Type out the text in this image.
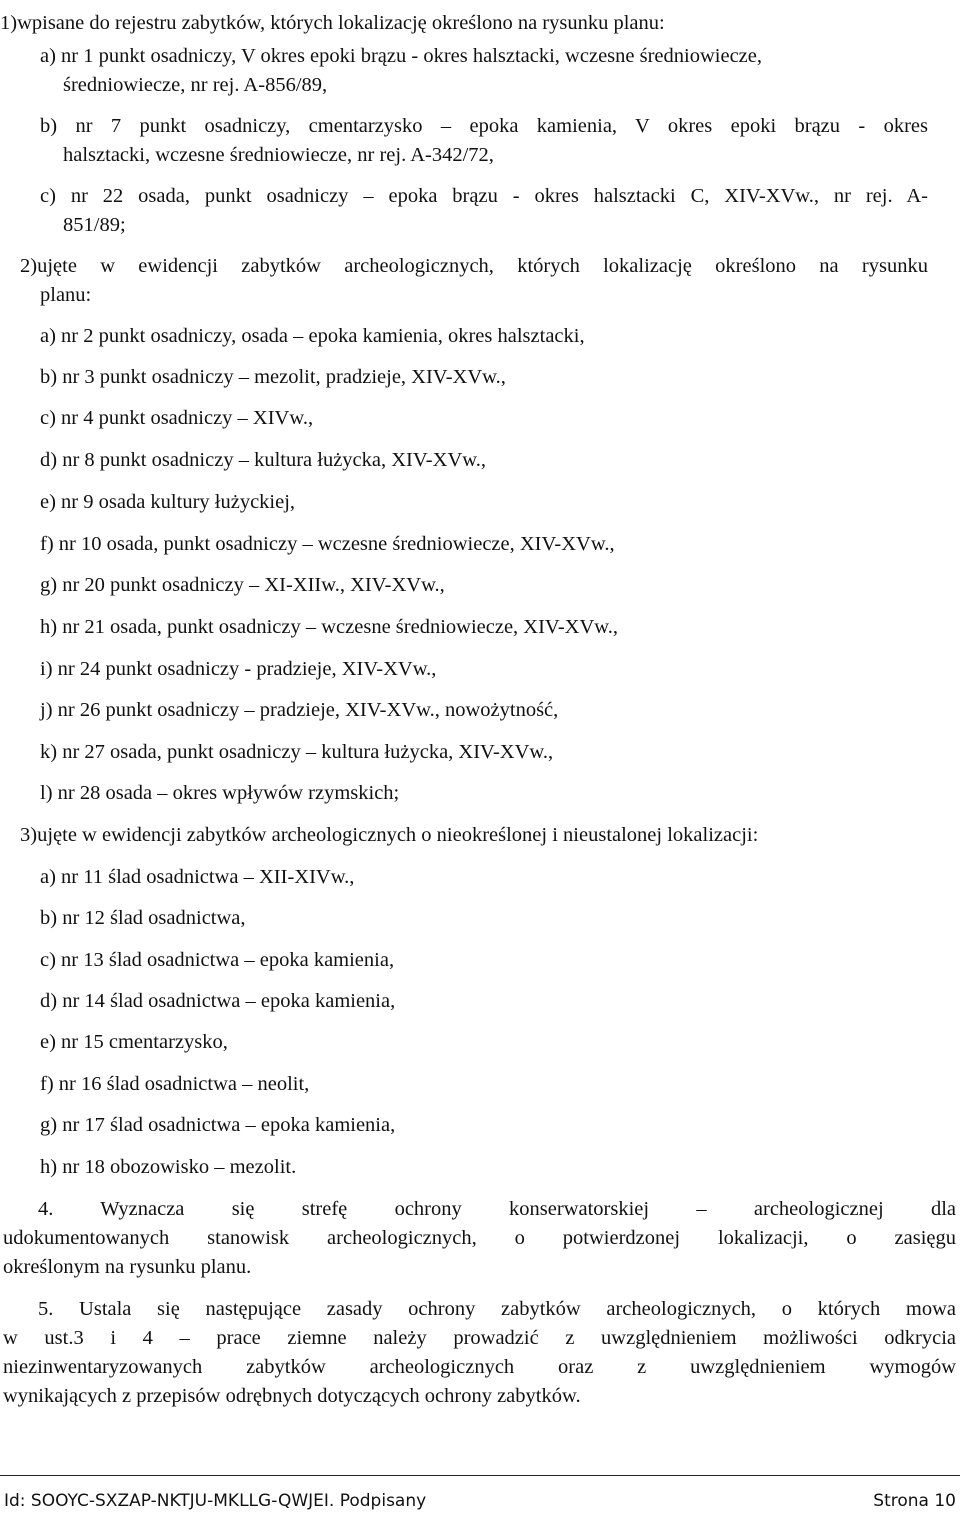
1)wpisane do rejestru zabytków, których lokalizację określono na rysunku planu:
a) nr 1 punkt osadniczy, V okres epoki brązu - okres halsztacki, wczesne średniowiecze,
średniowiecze, nr rej. A-856/89,
b) nr 7 punkt osadniczy, cmentarzysko – epoka kamienia, V okres epoki brązu - okres
halsztacki, wczesne średniowiecze, nr rej. A-342/72,
c) nr 22 osada, punkt osadniczy – epoka brązu - okres halsztacki C, XIV-XVw., nr rej. A-
851/89;
2)ujęte w ewidencji zabytków archeologicznych, których lokalizację określono na rysunku
planu:
a) nr 2 punkt osadniczy, osada – epoka kamienia, okres halsztacki,
b) nr 3 punkt osadniczy – mezolit, pradzieje, XIV-XVw.,
c) nr 4 punkt osadniczy – XIVw.,
d) nr 8 punkt osadniczy – kultura łużycka, XIV-XVw.,
e) nr 9 osada kultury łużyckiej,
f) nr 10 osada, punkt osadniczy – wczesne średniowiecze, XIV-XVw.,
g) nr 20 punkt osadniczy – XI-XIIw., XIV-XVw.,
h) nr 21 osada, punkt osadniczy – wczesne średniowiecze, XIV-XVw.,
i) nr 24 punkt osadniczy - pradzieje, XIV-XVw.,
j) nr 26 punkt osadniczy – pradzieje, XIV-XVw., nowożytność,
k) nr 27 osada, punkt osadniczy – kultura łużycka, XIV-XVw.,
l) nr 28 osada – okres wpływów rzymskich;
3)ujęte w ewidencji zabytków archeologicznych o nieokreślonej i nieustalonej lokalizacji:
a) nr 11 ślad osadnictwa – XII-XIVw.,
b) nr 12 ślad osadnictwa,
c) nr 13 ślad osadnictwa – epoka kamienia,
d) nr 14 ślad osadnictwa – epoka kamienia,
e) nr 15 cmentarzysko,
f) nr 16 ślad osadnictwa – neolit,
g) nr 17 ślad osadnictwa – epoka kamienia,
h) nr 18 obozowisko – mezolit.
4. Wyznacza się strefę ochrony konserwatorskiej – archeologicznej dla
udokumentowanych stanowisk archeologicznych, o potwierdzonej lokalizacji, o zasięgu
określonym na rysunku planu.
5. Ustala się następujące zasady ochrony zabytków archeologicznych, o których mowa
w ust.3 i 4 – prace ziemne należy prowadzić z uwzględnieniem możliwości odkrycia
niezinwentaryzowanych zabytków archeologicznych oraz z uwzględnieniem wymogów
wynikających z przepisów odrębnych dotyczących ochrony zabytków.
Id: SOOYC-SXZAP-NKTJU-MKLLG-QWJEI. Podpisany	Strona 10
